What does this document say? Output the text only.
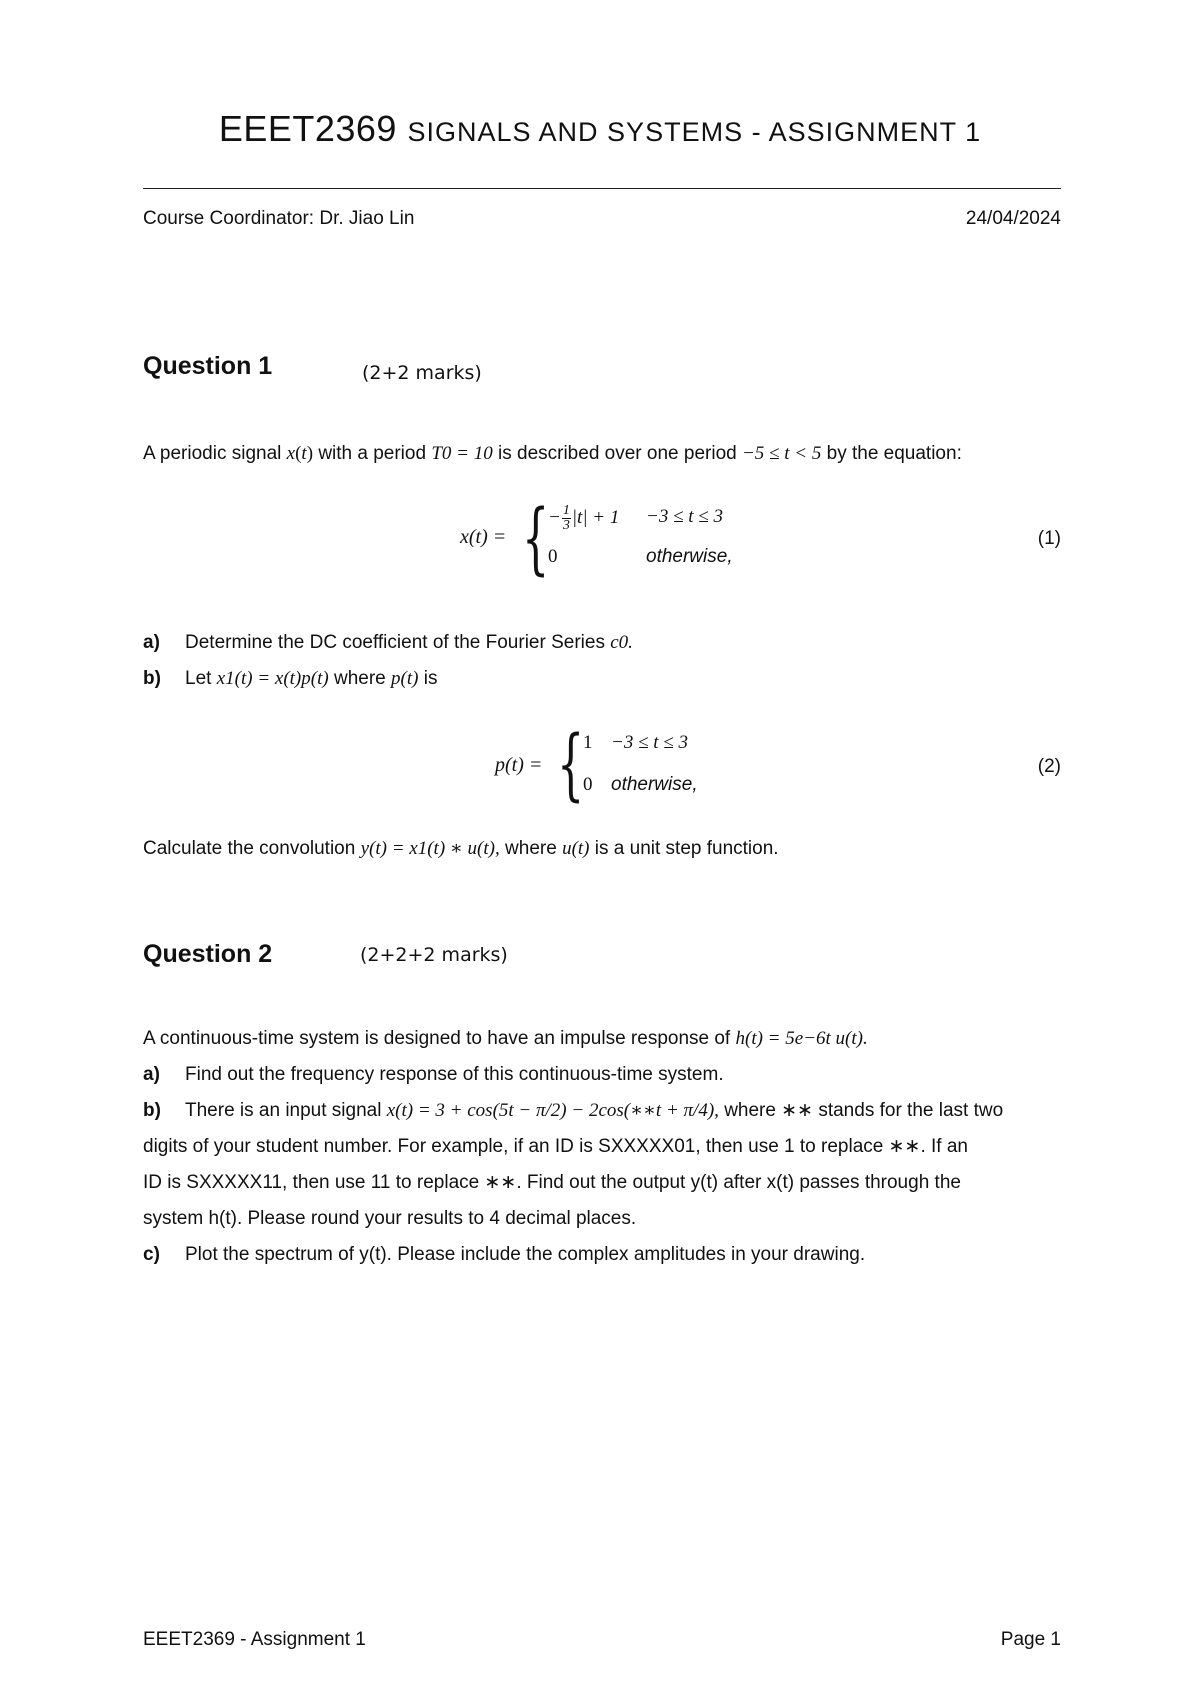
EEET2369 SIGNALS AND SYSTEMS - ASSIGNMENT 1
Course Coordinator: Dr. Jiao Lin	24/04/2024
Question 1	(2+2 marks)
A periodic signal x(t) with a period T0 = 10 is described over one period −5 ≤ t < 5 by the equation:
x(t) = {
− $\frac{1}{3} |t| + 1 -3 \le t \le 3$
0	otherwise,
(1)
a) Determine the DC coefficient of the Fourier Series c0.
b) Let x1(t) = x(t)p(t) where p(t) is
p(t) = {
1 −3 ≤ t ≤ 3
0 otherwise,
(2)
Calculate the convolution y(t) = x1(t) ∗ u(t), where u(t) is a unit step function.
Question 2	(2+2+2 marks)
A continuous-time system is designed to have an impulse response of h(t) = 5e−6t u(t).
a) Find out the frequency response of this continuous-time system.
b) There is an input signal x(t) = 3 + cos(5t − π/2) − 2cos(∗∗t + π/4), where ∗∗ stands for the last two
digits of your student number. For example, if an ID is SXXXXX01, then use 1 to replace ∗∗. If an
ID is SXXXXX11, then use 11 to replace ∗∗. Find out the output y(t) after x(t) passes through the
system h(t). Please round your results to 4 decimal places.
c) Plot the spectrum of y(t). Please include the complex amplitudes in your drawing.
EEET2369 - Assignment 1	Page 1
